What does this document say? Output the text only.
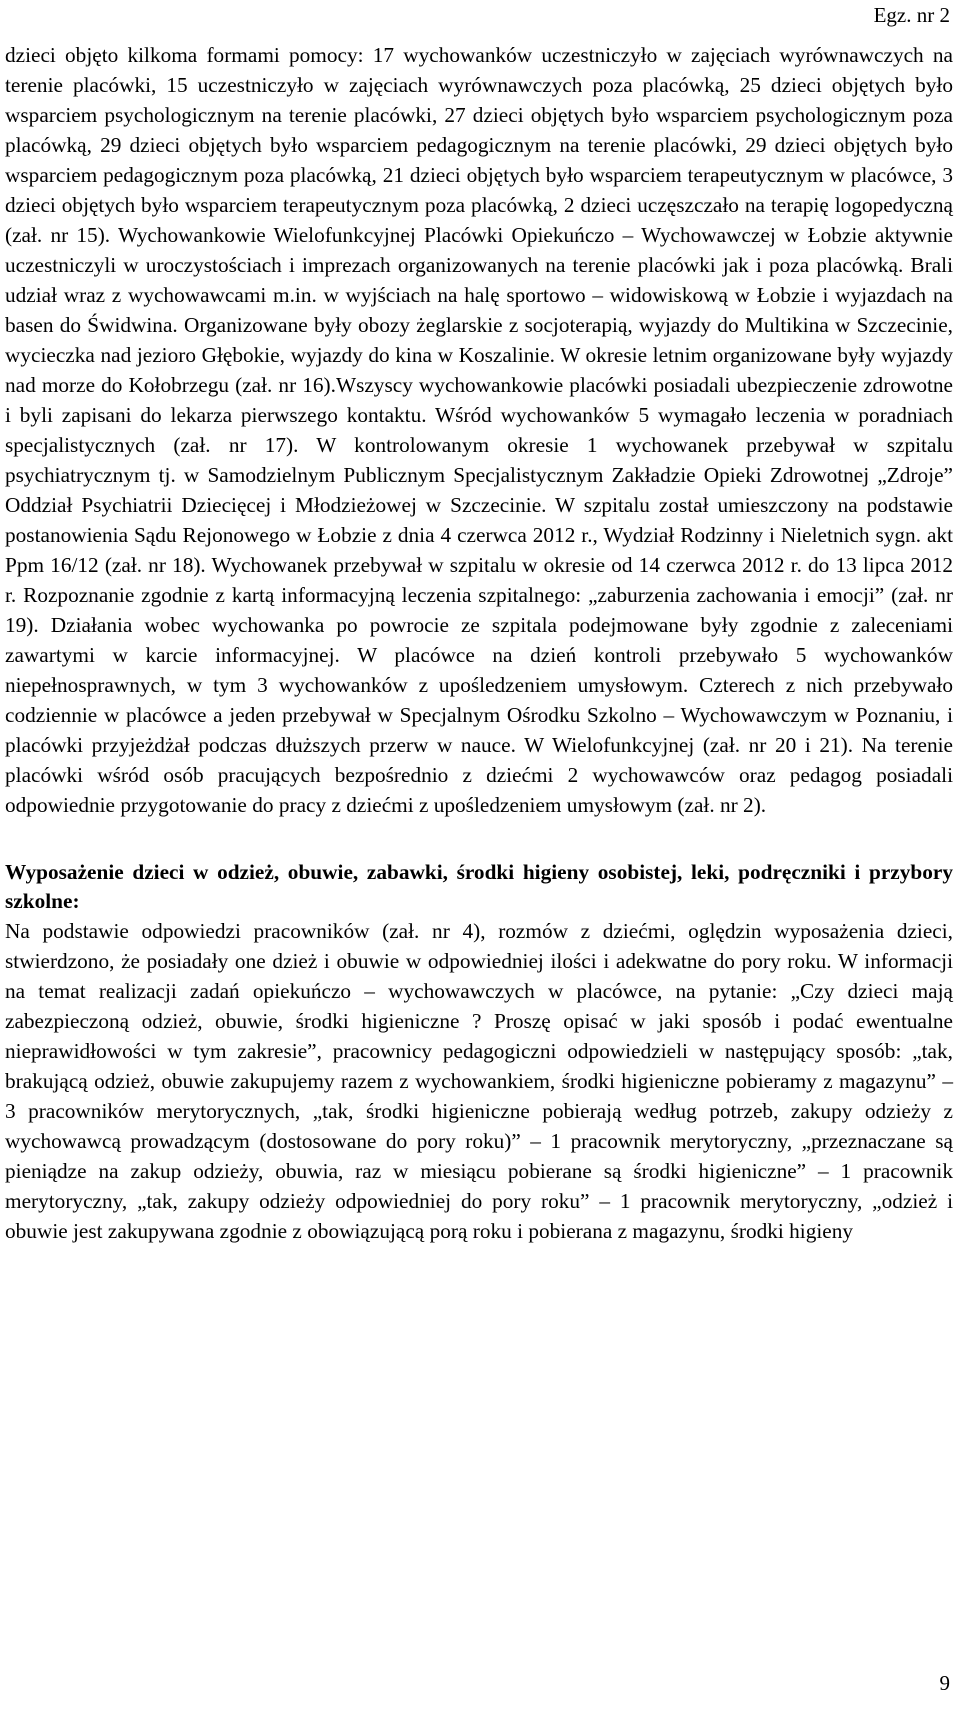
Egz. nr 2

dzieci objęto kilkoma formami pomocy: 17 wychowanków uczestniczyło w zajęciach wyrównawczych na terenie placówki, 15 uczestniczyło w zajęciach wyrównawczych poza placówką, 25 dzieci objętych było wsparciem psychologicznym na terenie placówki, 27 dzieci objętych było wsparciem psychologicznym poza placówką, 29 dzieci objętych było wsparciem pedagogicznym na terenie placówki, 29 dzieci objętych było wsparciem pedagogicznym poza placówką, 21 dzieci objętych było wsparciem terapeutycznym w placówce, 3 dzieci objętych było wsparciem terapeutycznym poza placówką, 2 dzieci uczęszczało na terapię logopedyczną (zał. nr 15). Wychowankowie Wielofunkcyjnej Placówki Opiekuńczo – Wychowawczej w Łobzie aktywnie uczestniczyli w uroczystościach i imprezach organizowanych na terenie placówki jak i poza placówką. Brali udział wraz z wychowawcami m.in. w wyjściach na halę sportowo – widowiskową w Łobzie i wyjazdach na basen do Świdwina. Organizowane były obozy żeglarskie z socjoterapią, wyjazdy do Multikina w Szczecinie, wycieczka nad jezioro Głębokie, wyjazdy do kina w Koszalinie. W okresie letnim organizowane były wyjazdy nad morze do Kołobrzegu (zał. nr 16).Wszyscy wychowankowie placówki posiadali ubezpieczenie zdrowotne i byli zapisani do lekarza pierwszego kontaktu. Wśród wychowanków 5 wymagało leczenia w poradniach specjalistycznych (zał. nr 17). W kontrolowanym okresie 1 wychowanek przebywał w szpitalu psychiatrycznym tj. w Samodzielnym Publicznym Specjalistycznym Zakładzie Opieki Zdrowotnej „Zdroje” Oddział Psychiatrii Dziecięcej i Młodzieżowej w Szczecinie. W szpitalu został umieszczony na podstawie postanowienia Sądu Rejonowego w Łobzie z dnia 4 czerwca 2012 r., Wydział Rodzinny i Nieletnich sygn. akt Ppm 16/12 (zał. nr 18). Wychowanek przebywał w szpitalu w okresie od 14 czerwca 2012 r. do 13 lipca 2012 r. Rozpoznanie zgodnie z kartą informacyjną leczenia szpitalnego: „zaburzenia zachowania i emocji” (zał. nr 19). Działania wobec wychowanka po powrocie ze szpitala podejmowane były zgodnie z zaleceniami zawartymi w karcie informacyjnej. W placówce na dzień kontroli przebywało 5 wychowanków niepełnosprawnych, w tym 3 wychowanków z upośledzeniem umysłowym. Czterech z nich przebywało codziennie w placówce a jeden przebywał w Specjalnym Ośrodku Szkolno – Wychowawczym w Poznaniu, i placówki przyjeżdżał podczas dłuższych przerw w nauce. W Wielofunkcyjnej (zał. nr 20 i 21). Na terenie placówki wśród osób pracujących bezpośrednio z dziećmi 2 wychowawców oraz pedagog posiadali odpowiednie przygotowanie do pracy z dziećmi z upośledzeniem umysłowym (zał. nr 2).

Wyposażenie dzieci w odzież, obuwie, zabawki, środki higieny osobistej, leki, podręczniki i przybory szkolne:

Na podstawie odpowiedzi pracowników (zał. nr 4), rozmów z dziećmi, oględzin wyposażenia dzieci, stwierdzono, że posiadały one dzież i obuwie w odpowiedniej ilości i adekwatne do pory roku. W informacji na temat realizacji zadań opiekuńczo – wychowawczych w placówce, na pytanie: „Czy dzieci mają zabezpieczoną odzież, obuwie, środki higieniczne ? Proszę opisać w jaki sposób i podać ewentualne nieprawidłowości w tym zakresie”, pracownicy pedagogiczni odpowiedzieli w następujący sposób: „tak, brakującą odzież, obuwie zakupujemy razem z wychowankiem, środki higieniczne pobieramy z magazynu” – 3 pracowników merytorycznych, „tak, środki higieniczne pobierają według potrzeb, zakupy odzieży z wychowawcą prowadzącym (dostosowane do pory roku)” – 1 pracownik merytoryczny, „przeznaczane są pieniądze na zakup odzieży, obuwia, raz w miesiącu pobierane są środki higieniczne” – 1 pracownik merytoryczny, „tak, zakupy odzieży odpowiedniej do pory roku” – 1 pracownik merytoryczny, „odzież i obuwie jest zakupywana zgodnie z obowiązującą porą roku i pobierana z magazynu, środki higieny

9
